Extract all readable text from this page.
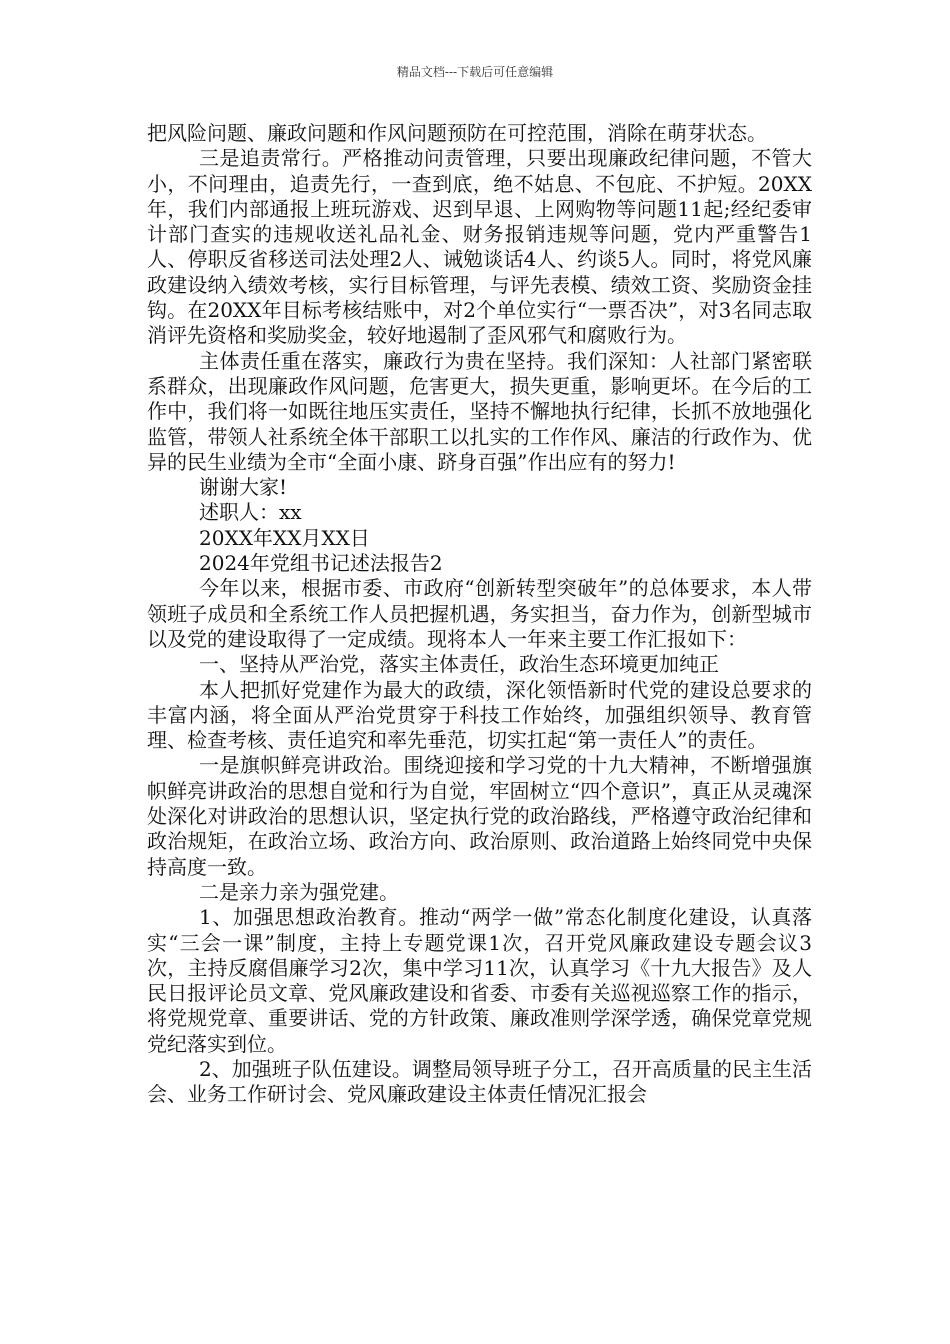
精品文档---下载后可任意编辑

把风险问题、廉政问题和作风问题预防在可控范围，消除在萌芽状态。

三是追责常行。严格推动问责管理，只要出现廉政纪律问题，不管大小，不问理由，追责先行，一查到底，绝不姑息、不包庇、不护短。20XX年，我们内部通报上班玩游戏、迟到早退、上网购物等问题11起;经纪委审计部门查实的违规收送礼品礼金、财务报销违规等问题，党内严重警告1人、停职反省移送司法处理2人、诫勉谈话4人、约谈5人。同时，将党风廉政建设纳入绩效考核，实行目标管理，与评先表模、绩效工资、奖励资金挂钩。在20XX年目标考核结账中，对2个单位实行“一票否决”，对3名同志取消评先资格和奖励奖金，较好地遏制了歪风邪气和腐败行为。

主体责任重在落实，廉政行为贵在坚持。我们深知：人社部门紧密联系群众，出现廉政作风问题，危害更大，损失更重，影响更坏。在今后的工作中，我们将一如既往地压实责任，坚持不懈地执行纪律，长抓不放地强化监管，带领人社系统全体干部职工以扎实的工作作风、廉洁的行政作为、优异的民生业绩为全市“全面小康、跻身百强”作出应有的努力!

谢谢大家!

述职人：xx

20XX年XX月XX日

2024年党组书记述法报告2

今年以来，根据市委、市政府“创新转型突破年”的总体要求，本人带领班子成员和全系统工作人员把握机遇，务实担当，奋力作为，创新型城市以及党的建设取得了一定成绩。现将本人一年来主要工作汇报如下：

一、坚持从严治党，落实主体责任，政治生态环境更加纯正

本人把抓好党建作为最大的政绩，深化领悟新时代党的建设总要求的丰富内涵，将全面从严治党贯穿于科技工作始终，加强组织领导、教育管理、检查考核、责任追究和率先垂范，切实扛起“第一责任人”的责任。

一是旗帜鲜亮讲政治。围绕迎接和学习党的十九大精神，不断增强旗帜鲜亮讲政治的思想自觉和行为自觉，牢固树立“四个意识”，真正从灵魂深处深化对讲政治的思想认识，坚定执行党的政治路线，严格遵守政治纪律和政治规矩，在政治立场、政治方向、政治原则、政治道路上始终同党中央保持高度一致。

二是亲力亲为强党建。

1、加强思想政治教育。推动“两学一做”常态化制度化建设，认真落实“三会一课”制度，主持上专题党课1次，召开党风廉政建设专题会议3次，主持反腐倡廉学习2次，集中学习11次，认真学习《十九大报告》及人民日报评论员文章、党风廉政建设和省委、市委有关巡视巡察工作的指示，将党规党章、重要讲话、党的方针政策、廉政准则学深学透，确保党章党规党纪落实到位。

2、加强班子队伍建设。调整局领导班子分工，召开高质量的民主生活会、业务工作研讨会、党风廉政建设主体责任情况汇报会
